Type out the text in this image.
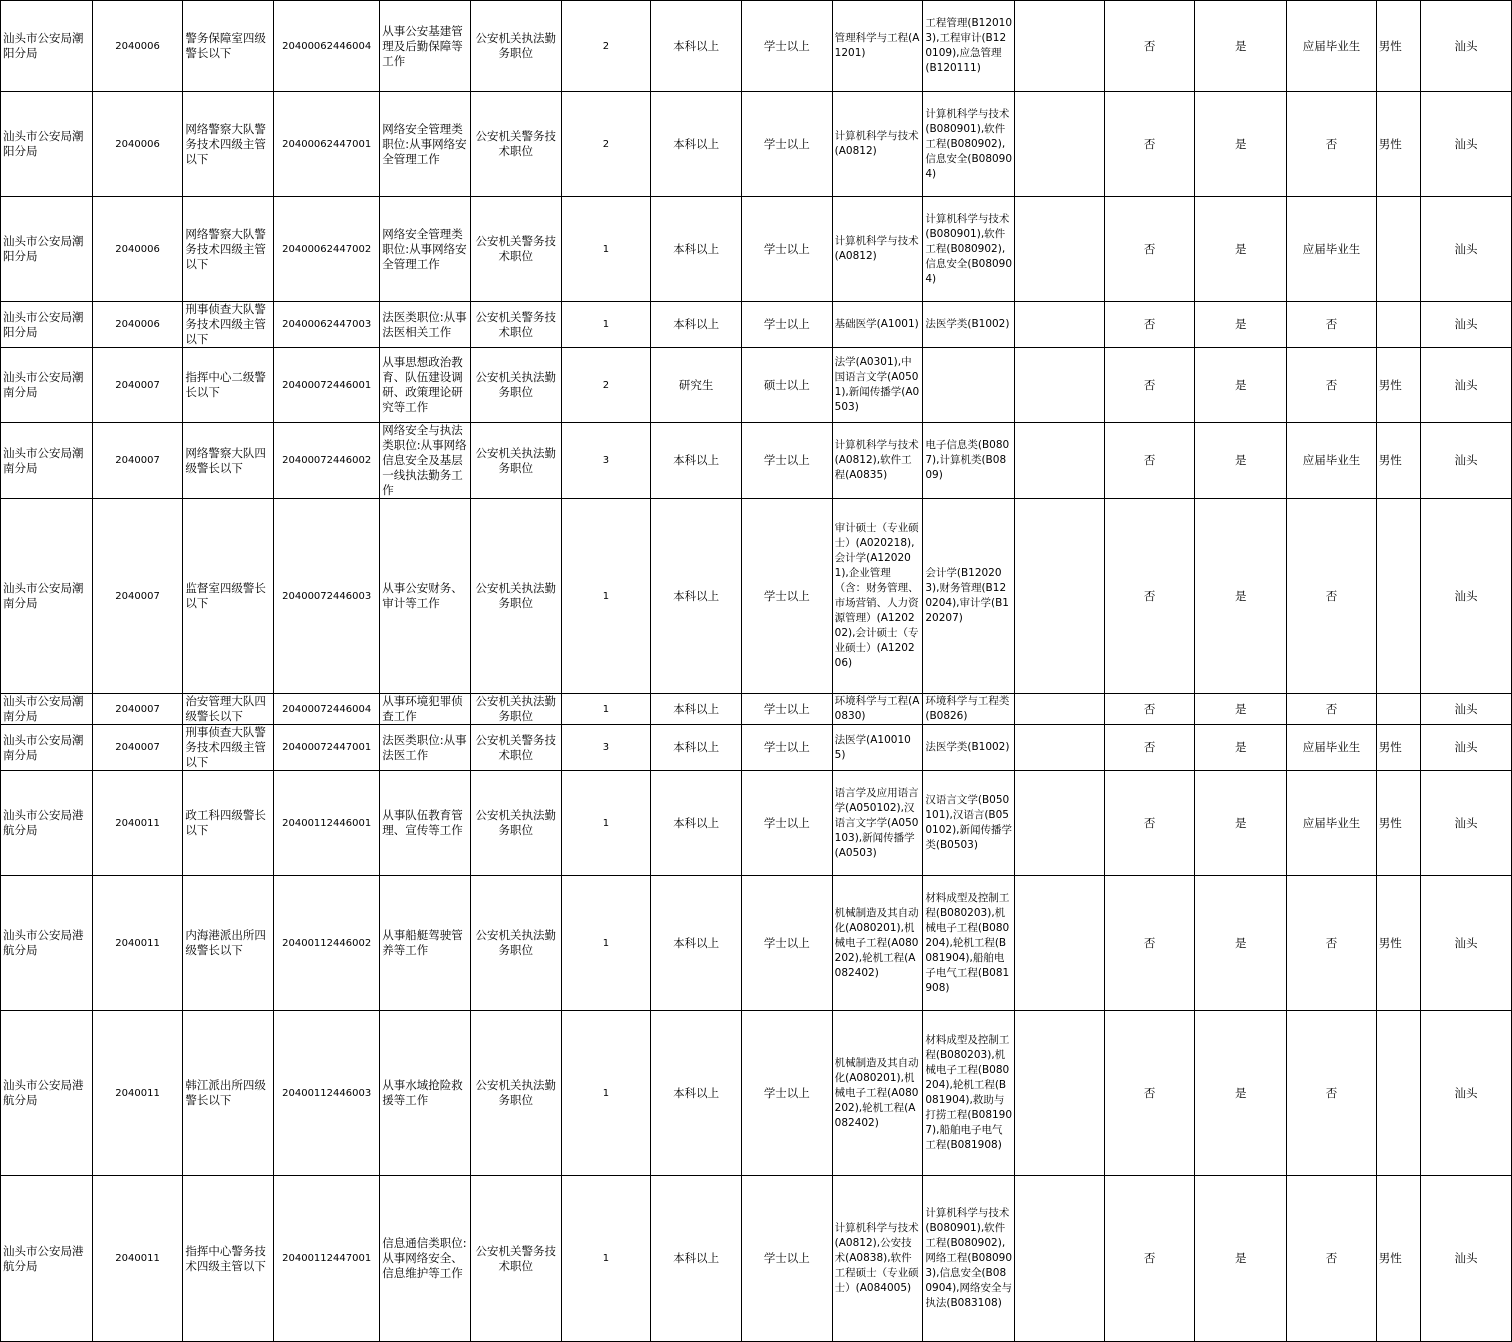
汕头市公安局潮阳分局	2040006	警务保障室四级警长以下	20400062446004	从事公安基建管理及后勤保障等工作	公安机关执法勤务职位	2	本科以上	学士以上	管理科学与工程(A1201)	工程管理(B120103),工程审计(B120109),应急管理(B120111)		否	是	应届毕业生	男性	汕头
汕头市公安局潮阳分局	2040006	网络警察大队警务技术四级主管以下	20400062447001	网络安全管理类职位:从事网络安全管理工作	公安机关警务技术职位	2	本科以上	学士以上	计算机科学与技术(A0812)	计算机科学与技术(B080901),软件工程(B080902),信息安全(B080904)		否	是	否	男性	汕头
汕头市公安局潮阳分局	2040006	网络警察大队警务技术四级主管以下	20400062447002	网络安全管理类职位:从事网络安全管理工作	公安机关警务技术职位	1	本科以上	学士以上	计算机科学与技术(A0812)	计算机科学与技术(B080901),软件工程(B080902),信息安全(B080904)		否	是	应届毕业生		汕头
汕头市公安局潮阳分局	2040006	刑事侦查大队警务技术四级主管以下	20400062447003	法医类职位:从事法医相关工作	公安机关警务技术职位	1	本科以上	学士以上	基础医学(A1001)	法医学类(B1002)		否	是	否		汕头
汕头市公安局潮南分局	2040007	指挥中心二级警长以下	20400072446001	从事思想政治教育、队伍建设调研、政策理论研究等工作	公安机关执法勤务职位	2	研究生	硕士以上	法学(A0301),中国语言文学(A0501),新闻传播学(A0503)			否	是	否	男性	汕头
汕头市公安局潮南分局	2040007	网络警察大队四级警长以下	20400072446002	网络安全与执法类职位:从事网络信息安全及基层一线执法勤务工作	公安机关执法勤务职位	3	本科以上	学士以上	计算机科学与技术(A0812),软件工程(A0835)	电子信息类(B0807),计算机类(B0809)		否	是	应届毕业生	男性	汕头
汕头市公安局潮南分局	2040007	监督室四级警长以下	20400072446003	从事公安财务、审计等工作	公安机关执法勤务职位	1	本科以上	学士以上	审计硕士（专业硕士）(A020218),会计学(A120201),企业管理（含：财务管理、市场营销、人力资源管理）(A120202),会计硕士（专业硕士）(A120206)	会计学(B120203),财务管理(B120204),审计学(B120207)		否	是	否		汕头
汕头市公安局潮南分局	2040007	治安管理大队四级警长以下	20400072446004	从事环境犯罪侦查工作	公安机关执法勤务职位	1	本科以上	学士以上	环境科学与工程(A0830)	环境科学与工程类(B0826)		否	是	否		汕头
汕头市公安局潮南分局	2040007	刑事侦查大队警务技术四级主管以下	20400072447001	法医类职位:从事法医工作	公安机关警务技术职位	3	本科以上	学士以上	法医学(A100105)	法医学类(B1002)		否	是	应届毕业生	男性	汕头
汕头市公安局港航分局	2040011	政工科四级警长以下	20400112446001	从事队伍教育管理、宣传等工作	公安机关执法勤务职位	1	本科以上	学士以上	语言学及应用语言学(A050102),汉语言文字学(A050103),新闻传播学(A0503)	汉语言文学(B050101),汉语言(B050102),新闻传播学类(B0503)		否	是	应届毕业生	男性	汕头
汕头市公安局港航分局	2040011	内海港派出所四级警长以下	20400112446002	从事船艇驾驶管养等工作	公安机关执法勤务职位	1	本科以上	学士以上	机械制造及其自动化(A080201),机械电子工程(A080202),轮机工程(A082402)	材料成型及控制工程(B080203),机械电子工程(B080204),轮机工程(B081904),船舶电子电气工程(B081908)		否	是	否	男性	汕头
汕头市公安局港航分局	2040011	韩江派出所四级警长以下	20400112446003	从事水域抢险救援等工作	公安机关执法勤务职位	1	本科以上	学士以上	机械制造及其自动化(A080201),机械电子工程(A080202),轮机工程(A082402)	材料成型及控制工程(B080203),机械电子工程(B080204),轮机工程(B081904),救助与打捞工程(B081907),船舶电子电气工程(B081908)		否	是	否		汕头
汕头市公安局港航分局	2040011	指挥中心警务技术四级主管以下	20400112447001	信息通信类职位:从事网络安全、信息维护等工作	公安机关警务技术职位	1	本科以上	学士以上	计算机科学与技术(A0812),公安技术(A0838),软件工程硕士（专业硕士）(A084005)	计算机科学与技术(B080901),软件工程(B080902),网络工程(B080903),信息安全(B080904),网络安全与执法(B083108)		否	是	否	男性	汕头
